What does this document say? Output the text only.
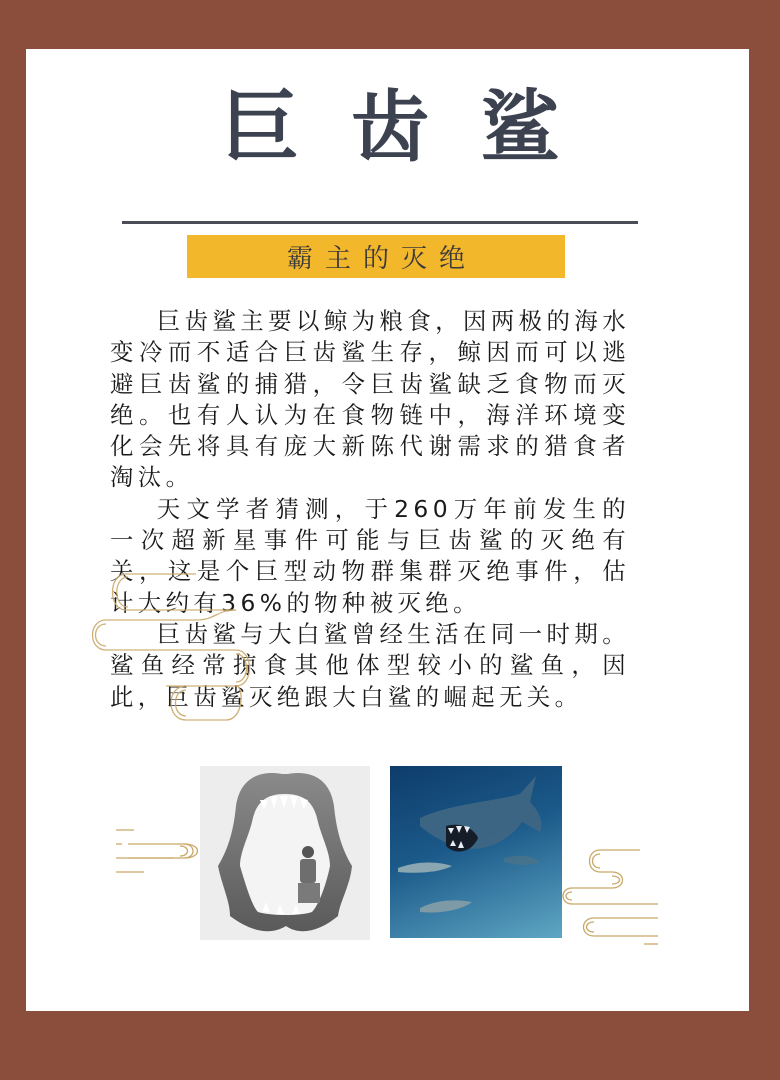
巨齿鲨
霸主的灭绝

巨齿鲨主要以鲸为粮食，因两极的海水变冷而不适合巨齿鲨生存，鲸因而可以逃避巨齿鲨的捕猎，令巨齿鲨缺乏食物而灭绝。也有人认为在食物链中，海洋环境变化会先将具有庞大新陈代谢需求的猎食者淘汰。

天文学者猜测，于260万年前发生的一次超新星事件可能与巨齿鲨的灭绝有关，这是个巨型动物群集群灭绝事件，估计大约有36%的物种被灭绝。

巨齿鲨与大白鲨曾经生活在同一时期。鲨鱼经常掠食其他体型较小的鲨鱼，因此，巨齿鲨灭绝跟大白鲨的崛起无关。
